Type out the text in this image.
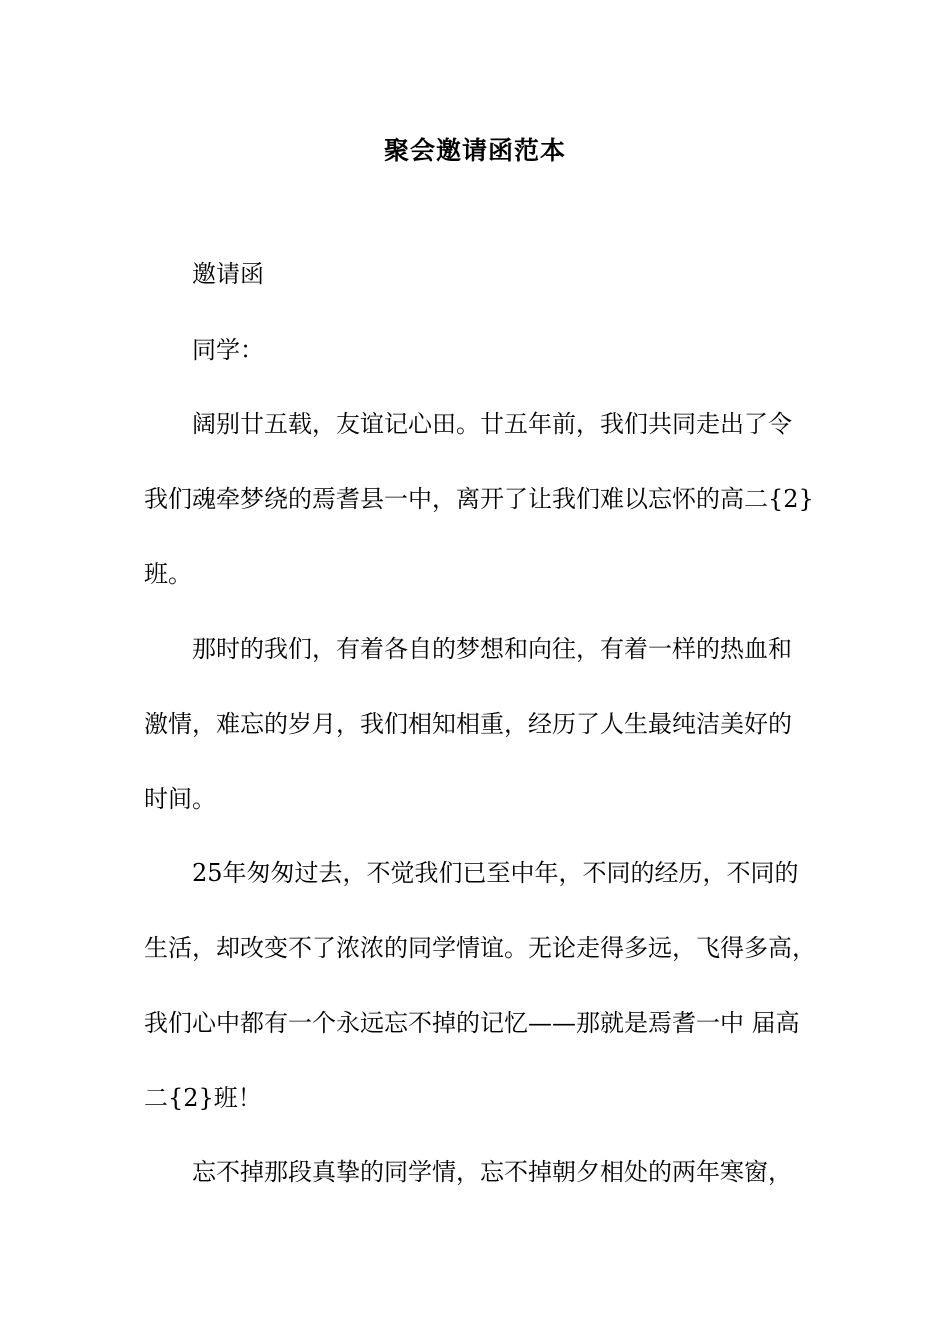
聚会邀请函范本
邀请函
同学：
阔别廿五载，友谊记心田。廿五年前，我们共同走出了令
我们魂牵梦绕的焉耆县一中，离开了让我们难以忘怀的高二{2}
班。
那时的我们，有着各自的梦想和向往，有着一样的热血和
激情，难忘的岁月，我们相知相重，经历了人生最纯洁美好的
时间。
25年匆匆过去，不觉我们已至中年，不同的经历，不同的
生活，却改变不了浓浓的同学情谊。无论走得多远，飞得多高，
我们心中都有一个永远忘不掉的记忆——那就是焉耆一中 届高
二{2}班！
忘不掉那段真挚的同学情，忘不掉朝夕相处的两年寒窗，
